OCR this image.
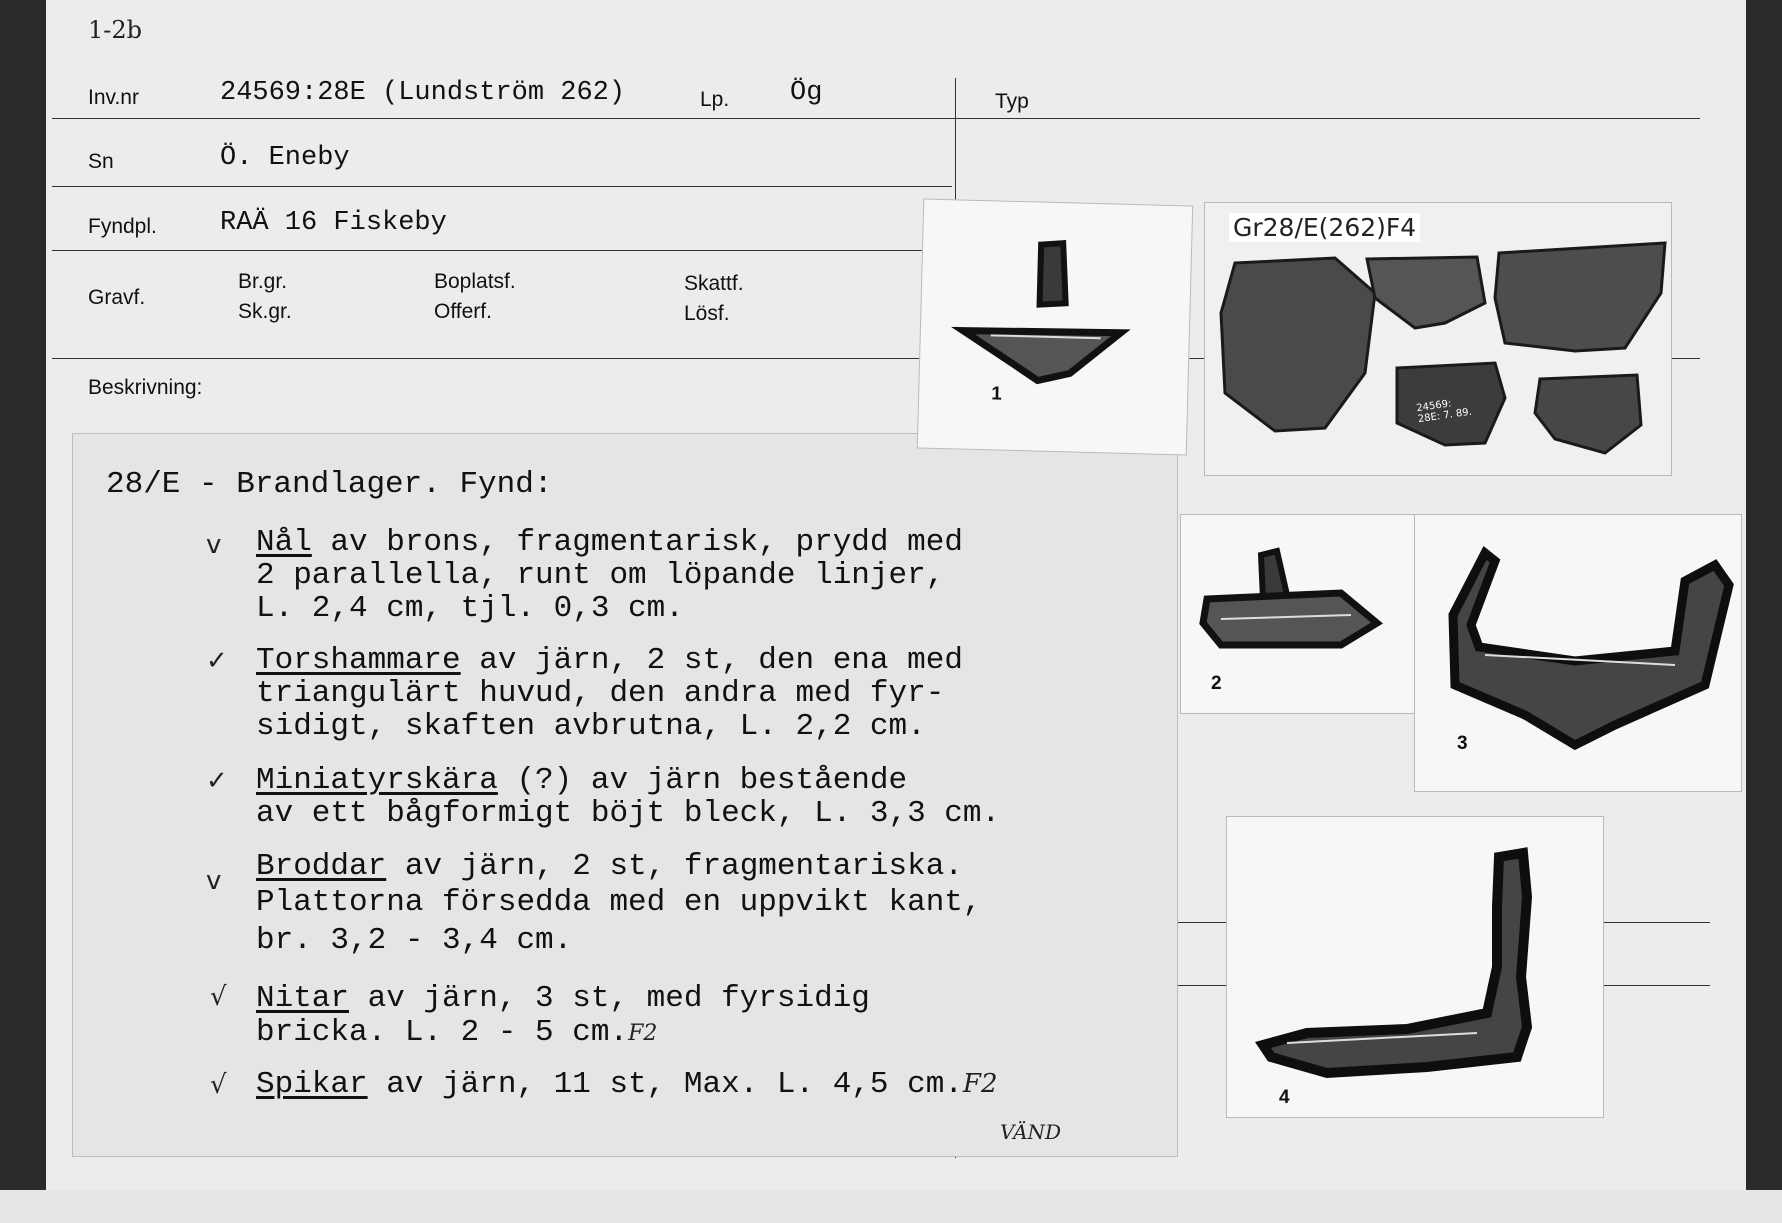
1-2b
Inv.nr	24569:28E (Lundström 262)	Lp. Ög	Typ
Sn	Ö. Eneby
Fyndpl. RAÄ 16 Fiskeby
Gravf.
Br.gr.
Sk.gr.
Boplatsf.
Offerf.
Skattf.
Lösf.
Beskrivning:
28/E - Brandlager. Fynd:
v Nål av brons, fragmentarisk, prydd med
2 parallella, runt om löpande linjer,
L. 2,4 cm, tjl. 0,3 cm.
✓ Torshammare av järn, 2 st, den ena med
triangulärt huvud, den andra med fyr-
sidigt, skaften avbrutna, L. 2,2 cm.
✓ Miniatyrskära (?) av järn bestående
av ett bågformigt böjt bleck, L. 3,3 cm.
v Broddar av järn, 2 st, fragmentariska.
Plattorna försedda med en uppvikt kant,
br. 3,2 - 3,4 cm.
√ Nitar av järn, 3 st, med fyrsidig
bricka. L. 2 - 5 cm.F2
√ Spikar av järn, 11 st, Max. L. 4,5 cm.F2
VÄND
1
Gr28/E(262)F4
24569: 28E: 7. 89.
2
3
4
